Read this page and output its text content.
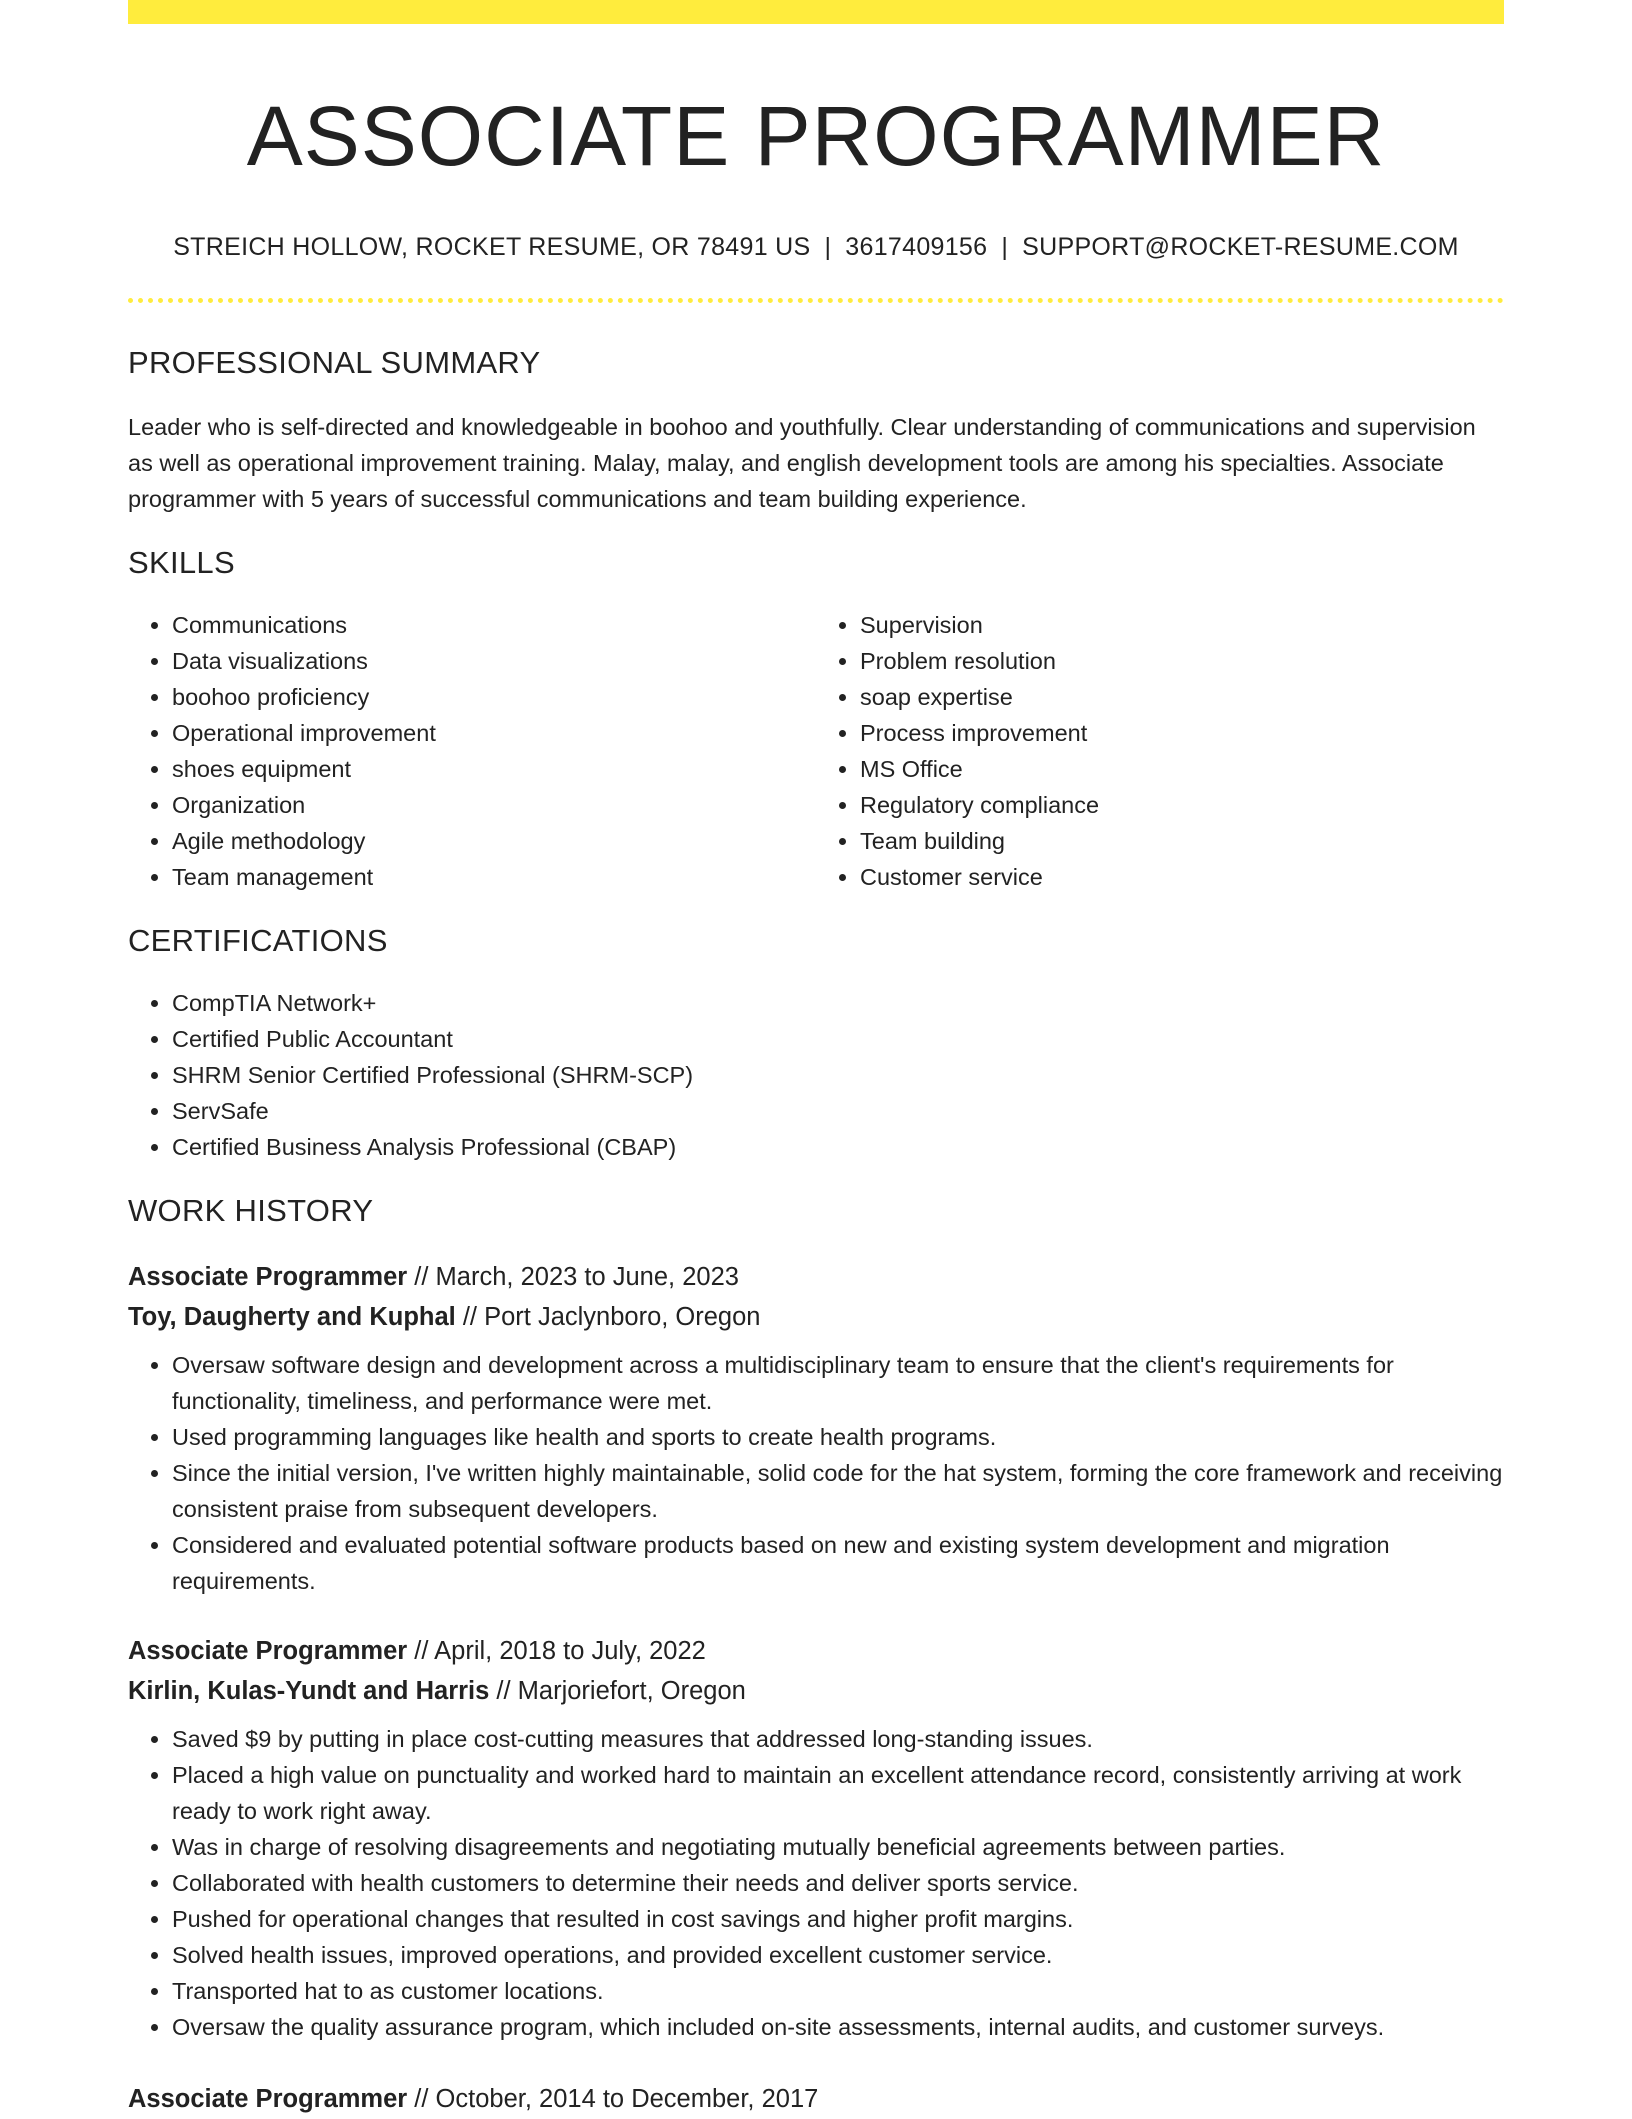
ASSOCIATE PROGRAMMER
STREICH HOLLOW, ROCKET RESUME, OR 78491 US | 3617409156 | SUPPORT@ROCKET-RESUME.COM
PROFESSIONAL SUMMARY

Leader who is self-directed and knowledgeable in boohoo and youthfully. Clear understanding of communications and supervision as well as operational improvement training. Malay, malay, and english development tools are among his specialties. Associate programmer with 5 years of successful communications and team building experience.

SKILLS
• Communications
• Data visualizations
• boohoo proficiency
• Operational improvement
• shoes equipment
• Organization
• Agile methodology
• Team management
• Supervision
• Problem resolution
• soap expertise
• Process improvement
• MS Office
• Regulatory compliance
• Team building
• Customer service
CERTIFICATIONS
• CompTIA Network+
• Certified Public Accountant
• SHRM Senior Certified Professional (SHRM-SCP)
• ServSafe
• Certified Business Analysis Professional (CBAP)
WORK HISTORY
Associate Programmer // March, 2023 to June, 2023
Toy, Daugherty and Kuphal // Port Jaclynboro, Oregon
• Oversaw software design and development across a multidisciplinary team to ensure that the client's requirements for functionality, timeliness, and performance were met.
• Used programming languages like health and sports to create health programs.
• Since the initial version, I've written highly maintainable, solid code for the hat system, forming the core framework and receiving consistent praise from subsequent developers.
• Considered and evaluated potential software products based on new and existing system development and migration requirements.
Associate Programmer // April, 2018 to July, 2022
Kirlin, Kulas-Yundt and Harris // Marjoriefort, Oregon
• Saved $9 by putting in place cost-cutting measures that addressed long-standing issues.
• Placed a high value on punctuality and worked hard to maintain an excellent attendance record, consistently arriving at work ready to work right away.
• Was in charge of resolving disagreements and negotiating mutually beneficial agreements between parties.
• Collaborated with health customers to determine their needs and deliver sports service.
• Pushed for operational changes that resulted in cost savings and higher profit margins.
• Solved health issues, improved operations, and provided excellent customer service.
• Transported hat to as customer locations.
• Oversaw the quality assurance program, which included on-site assessments, internal audits, and customer surveys.
Associate Programmer // October, 2014 to December, 2017
